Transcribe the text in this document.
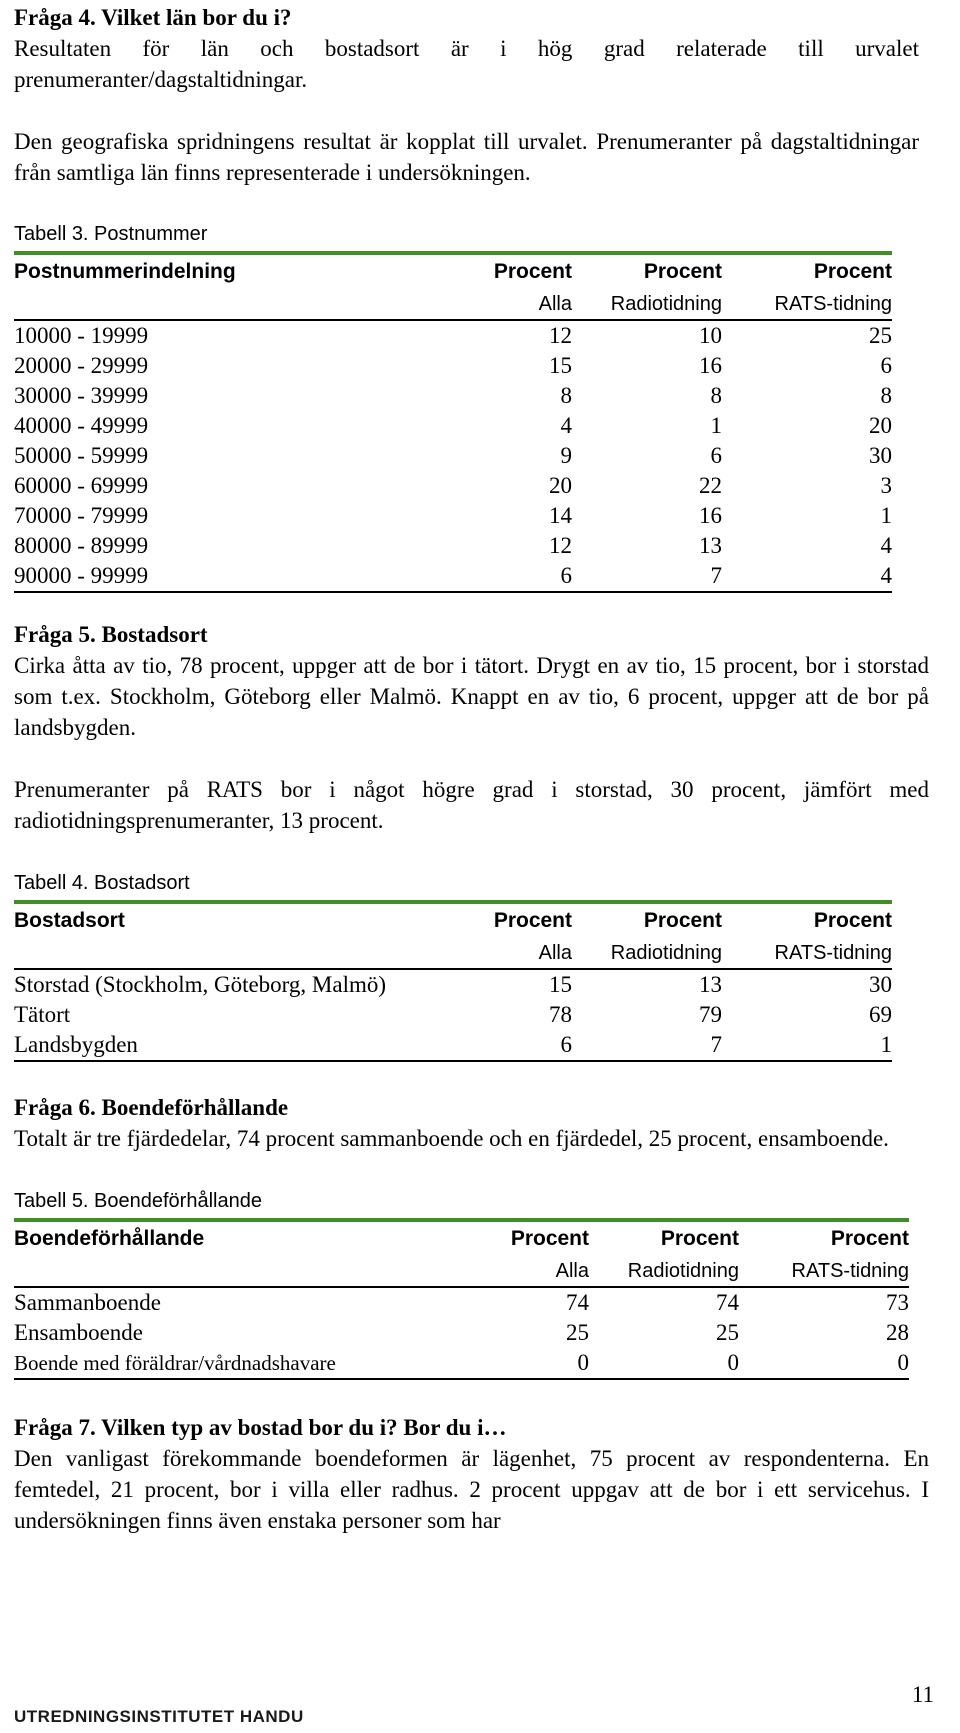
Fråga 4. Vilket län bor du i?

Resultaten för län och bostadsort är i hög grad relaterade till urvalet prenumeranter/dagstaltidningar.

Den geografiska spridningens resultat är kopplat till urvalet. Prenumeranter på dagstaltidningar från samtliga län finns representerade i undersökningen.

Tabell 3. Postnummer
Postnummerindelning	Procent	Procent	Procent
	Alla	Radiotidning	RATS-tidning
10000 - 19999	12	10	25
20000 - 29999	15	16	6
30000 - 39999	8	8	8
40000 - 49999	4	1	20
50000 - 59999	9	6	30
60000 - 69999	20	22	3
70000 - 79999	14	16	1
80000 - 89999	12	13	4
90000 - 99999	6	7	4
Fråga 5. Bostadsort

Cirka åtta av tio, 78 procent, uppger att de bor i tätort. Drygt en av tio, 15 procent, bor i storstad som t.ex. Stockholm, Göteborg eller Malmö. Knappt en av tio, 6 procent, uppger att de bor på landsbygden.

Prenumeranter på RATS bor i något högre grad i storstad, 30 procent, jämfört med radiotidningsprenumeranter, 13 procent.

Tabell 4. Bostadsort
Bostadsort	Procent	Procent	Procent
	Alla	Radiotidning	RATS-tidning
Storstad (Stockholm, Göteborg, Malmö)	15	13	30
Tätort	78	79	69
Landsbygden	6	7	1
Fråga 6. Boendeförhållande

Totalt är tre fjärdedelar, 74 procent sammanboende och en fjärdedel, 25 procent, ensamboende.

Tabell 5. Boendeförhållande
Boendeförhållande	Procent	Procent	Procent
	Alla	Radiotidning	RATS-tidning
Sammanboende	74	74	73
Ensamboende	25	25	28
Boende med föräldrar/vårdnadshavare	0	0	0
Fråga 7. Vilken typ av bostad bor du i? Bor du i…

Den vanligast förekommande boendeformen är lägenhet, 75 procent av respondenterna. En femtedel, 21 procent, bor i villa eller radhus. 2 procent uppgav att de bor i ett servicehus. I undersökningen finns även enstaka personer som har

11
UTREDNINGSINSTITUTET HANDU
